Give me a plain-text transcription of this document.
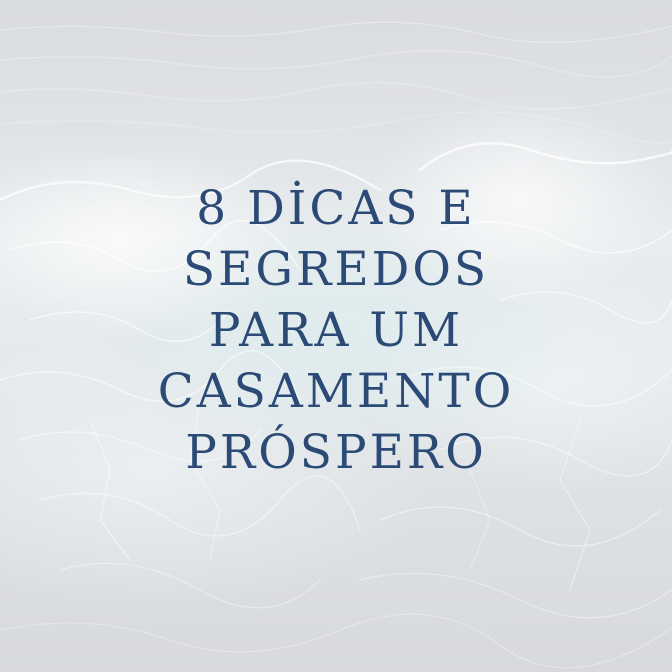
8 DİCAS E
SEGREDOS
PARA UM
CASAMENTO
PRÓSPERO
